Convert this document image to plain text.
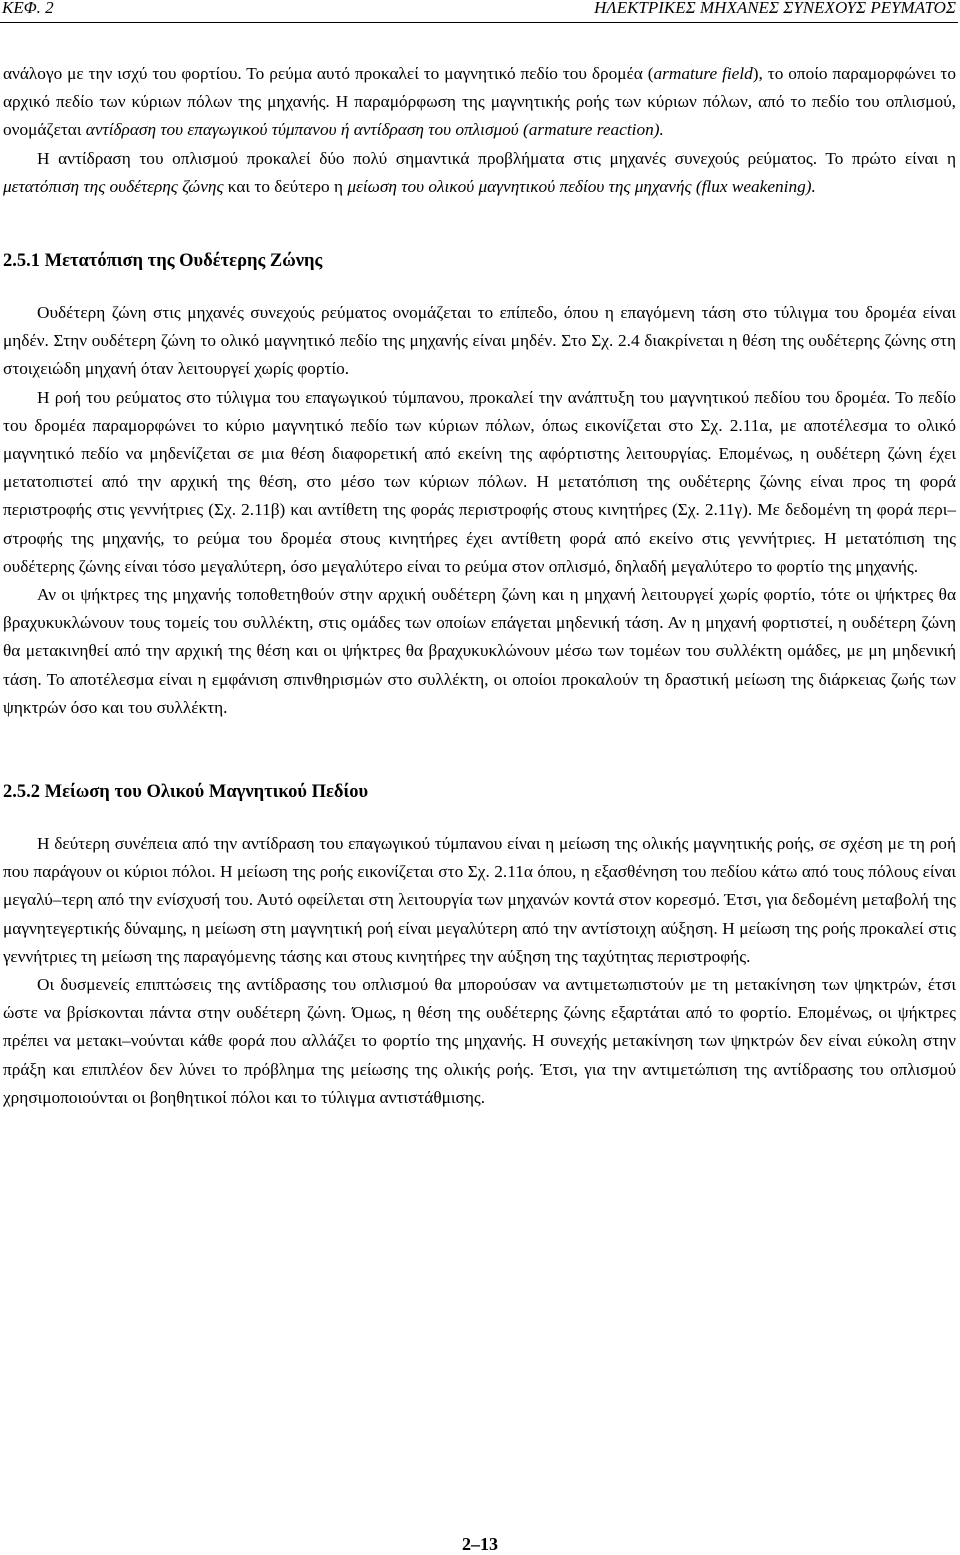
ΚΕΦ. 2	ΗΛΕΚΤΡΙΚΕΣ ΜΗΧΑΝΕΣ ΣΥΝΕΧΟΥΣ ΡΕΥΜΑΤΟΣ

ανάλογο με την ισχύ του φορτίου. Το ρεύμα αυτό προκαλεί το μαγνητικό πεδίο του δρομέα (armature field), το οποίο παραμορφώνει το αρχικό πεδίο των κύριων πόλων της μηχανής. Η παραμόρφωση της μαγνητικής ροής των κύριων πόλων, από το πεδίο του οπλισμού, ονομάζεται αντίδραση του επαγωγικού τύμπανου ή αντίδραση του οπλισμού (armature reaction).

Η αντίδραση του οπλισμού προκαλεί δύο πολύ σημαντικά προβλήματα στις μηχανές συνεχούς ρεύματος. Το πρώτο είναι η μετατόπιση της ουδέτερης ζώνης και το δεύτερο η μείωση του ολικού μαγνητικού πεδίου της μηχανής (flux weakening).

2.5.1 Μετατόπιση της Ουδέτερης Ζώνης

Ουδέτερη ζώνη στις μηχανές συνεχούς ρεύματος ονομάζεται το επίπεδο, όπου η επαγόμενη τάση στο τύλιγμα του δρομέα είναι μηδέν. Στην ουδέτερη ζώνη το ολικό μαγνητικό πεδίο της μηχανής είναι μηδέν. Στο Σχ. 2.4 διακρίνεται η θέση της ουδέτερης ζώνης στη στοιχειώδη μηχανή όταν λειτουργεί χωρίς φορτίο.

Η ροή του ρεύματος στο τύλιγμα του επαγωγικού τύμπανου, προκαλεί την ανάπτυξη του μαγνητικού πεδίου του δρομέα. Το πεδίο του δρομέα παραμορφώνει το κύριο μαγνητικό πεδίο των κύριων πόλων, όπως εικονίζεται στο Σχ. 2.11α, με αποτέλεσμα το ολικό μαγνητικό πεδίο να μηδενίζεται σε μια θέση διαφορετική από εκείνη της αφόρτιστης λειτουργίας. Επομένως, η ουδέτερη ζώνη έχει μετατοπιστεί από την αρχική της θέση, στο μέσο των κύριων πόλων. Η μετατόπιση της ουδέτερης ζώνης είναι προς τη φορά περιστροφής στις γεννήτριες (Σχ. 2.11β) και αντίθετη της φοράς περιστροφής στους κινητήρες (Σχ. 2.11γ). Με δεδομένη τη φορά περι–στροφής της μηχανής, το ρεύμα του δρομέα στους κινητήρες έχει αντίθετη φορά από εκείνο στις γεννήτριες. Η μετατόπιση της ουδέτερης ζώνης είναι τόσο μεγαλύτερη, όσο μεγαλύτερο είναι το ρεύμα στον οπλισμό, δηλαδή μεγαλύτερο το φορτίο της μηχανής.

Αν οι ψήκτρες της μηχανής τοποθετηθούν στην αρχική ουδέτερη ζώνη και η μηχανή λειτουργεί χωρίς φορτίο, τότε οι ψήκτρες θα βραχυκυκλώνουν τους τομείς του συλλέκτη, στις ομάδες των οποίων επάγεται μηδενική τάση. Αν η μηχανή φορτιστεί, η ουδέτερη ζώνη θα μετακινηθεί από την αρχική της θέση και οι ψήκτρες θα βραχυκυκλώνουν μέσω των τομέων του συλλέκτη ομάδες, με μη μηδενική τάση. Το αποτέλεσμα είναι η εμφάνιση σπινθηρισμών στο συλλέκτη, οι οποίοι προκαλούν τη δραστική μείωση της διάρκειας ζωής των ψηκτρών όσο και του συλλέκτη.

2.5.2 Μείωση του Ολικού Μαγνητικού Πεδίου

Η δεύτερη συνέπεια από την αντίδραση του επαγωγικού τύμπανου είναι η μείωση της ολικής μαγνητικής ροής, σε σχέση με τη ροή που παράγουν οι κύριοι πόλοι. Η μείωση της ροής εικονίζεται στο Σχ. 2.11α όπου, η εξασθένηση του πεδίου κάτω από τους πόλους είναι μεγαλύ–τερη από την ενίσχυσή του. Αυτό οφείλεται στη λειτουργία των μηχανών κοντά στον κορεσμό. Έτσι, για δεδομένη μεταβολή της μαγνητεγερτικής δύναμης, η μείωση στη μαγνητική ροή είναι μεγαλύτερη από την αντίστοιχη αύξηση. Η μείωση της ροής προκαλεί στις γεννήτριες τη μείωση της παραγόμενης τάσης και στους κινητήρες την αύξηση της ταχύτητας περιστροφής.

Οι δυσμενείς επιπτώσεις της αντίδρασης του οπλισμού θα μπορούσαν να αντιμετωπιστούν με τη μετακίνηση των ψηκτρών, έτσι ώστε να βρίσκονται πάντα στην ουδέτερη ζώνη. Όμως, η θέση της ουδέτερης ζώνης εξαρτάται από το φορτίο. Επομένως, οι ψήκτρες πρέπει να μετακι–νούνται κάθε φορά που αλλάζει το φορτίο της μηχανής. Η συνεχής μετακίνηση των ψηκτρών δεν είναι εύκολη στην πράξη και επιπλέον δεν λύνει το πρόβλημα της μείωσης της ολικής ροής. Έτσι, για την αντιμετώπιση της αντίδρασης του οπλισμού χρησιμοποιούνται οι βοηθητικοί πόλοι και το τύλιγμα αντιστάθμισης.

2–13
